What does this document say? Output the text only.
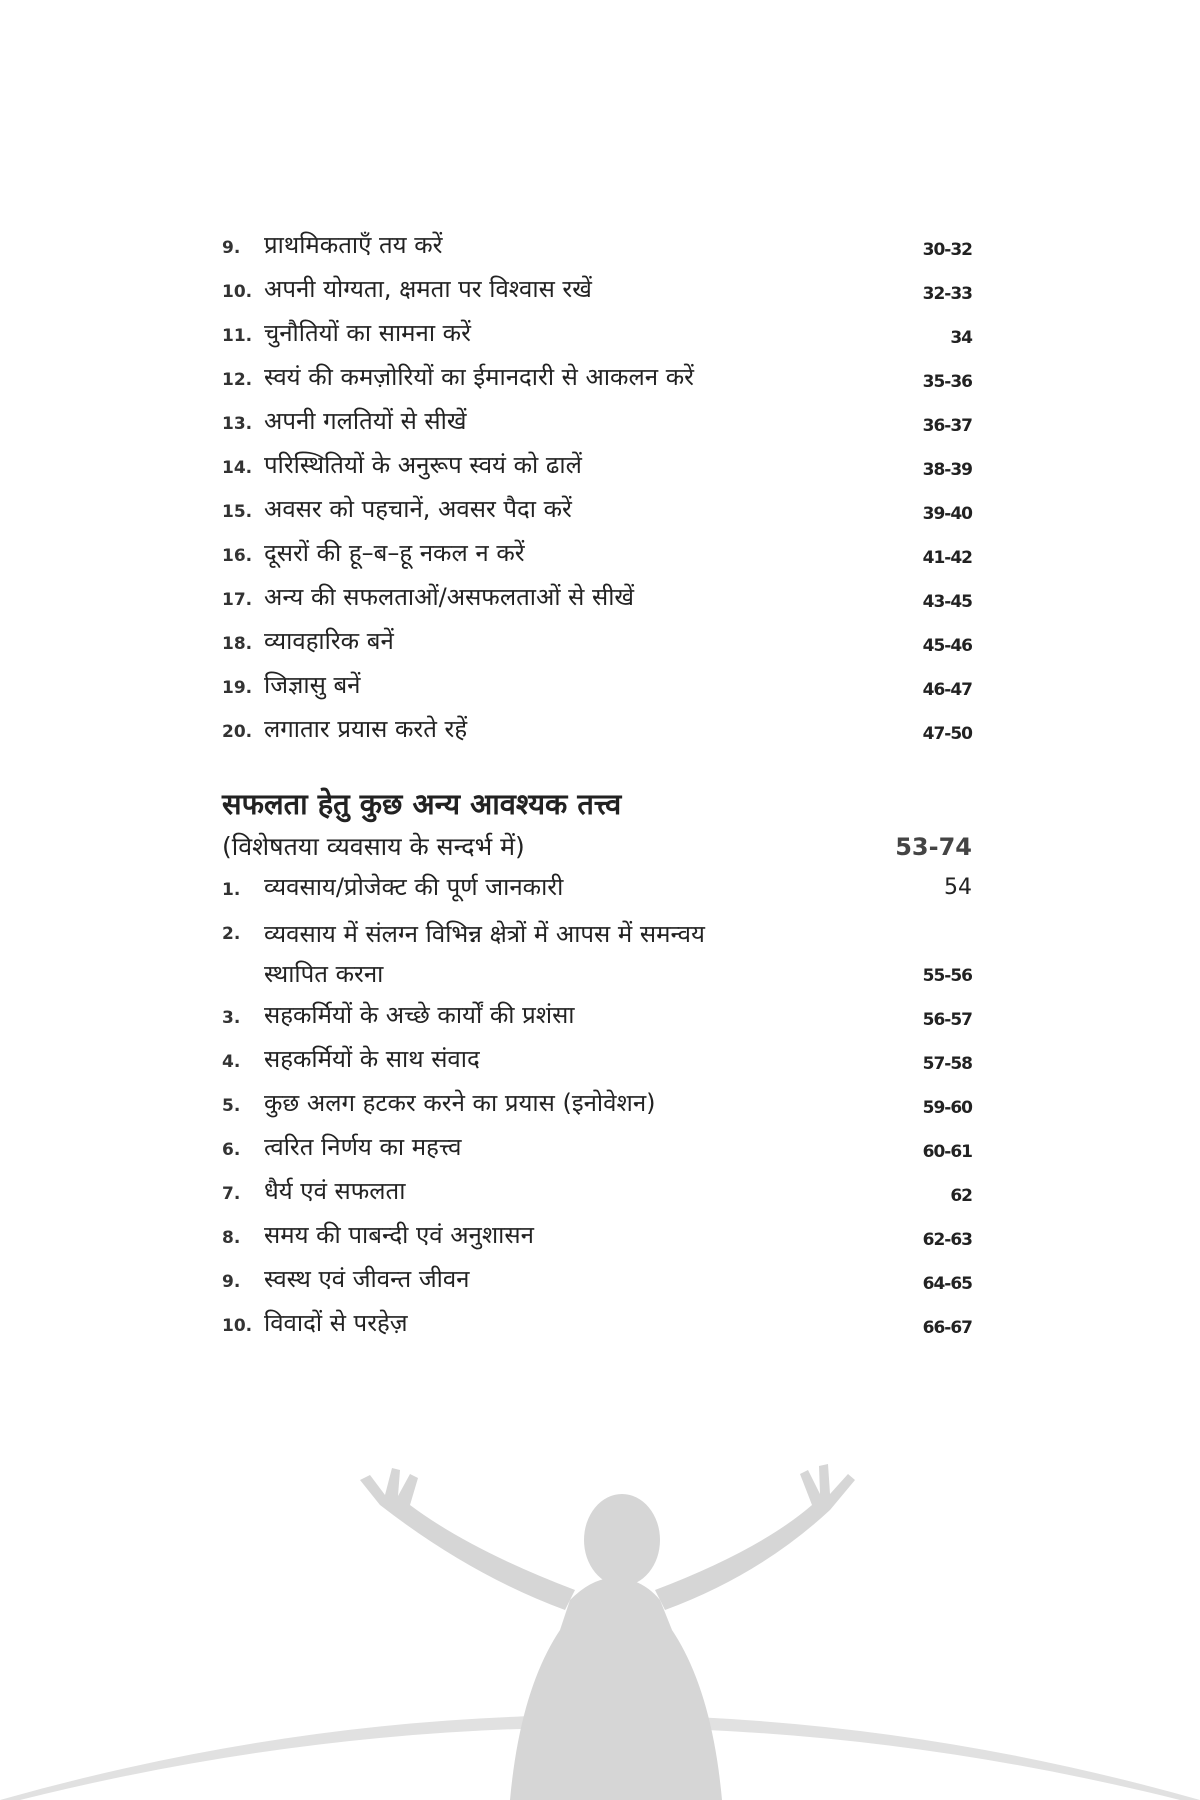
9. प्राथमिकताएँ तय करें	30-32
10. अपनी योग्यता, क्षमता पर विश्वास रखें	32-33
11. चुनौतियों का सामना करें	34
12. स्वयं की कमज़ोरियों का ईमानदारी से आकलन करें	35-36
13. अपनी गलतियों से सीखें	36-37
14. परिस्थितियों के अनुरूप स्वयं को ढालें	38-39
15. अवसर को पहचानें, अवसर पैदा करें	39-40
16. दूसरों की हू–ब–हू नकल न करें	41-42
17. अन्य की सफलताओं/असफलताओं से सीखें	43-45
18. व्यावहारिक बनें	45-46
19. जिज्ञासु बनें	46-47
20. लगातार प्रयास करते रहें	47-50
सफलता हेतु कुछ अन्य आवश्यक तत्त्व
(विशेषतया व्यवसाय के सन्दर्भ में)	53-74
1. व्यवसाय/प्रोजेक्ट की पूर्ण जानकारी	54
2. व्यवसाय में संलग्न विभिन्न क्षेत्रों में आपस में समन्वय
स्थापित करना	55-56
3. सहकर्मियों के अच्छे कार्यों की प्रशंसा	56-57
4. सहकर्मियों के साथ संवाद	57-58
5. कुछ अलग हटकर करने का प्रयास (इनोवेशन)	59-60
6. त्वरित निर्णय का महत्त्व	60-61
7. धैर्य एवं सफलता	62
8. समय की पाबन्दी एवं अनुशासन	62-63
9. स्वस्थ एवं जीवन्त जीवन	64-65
10. विवादों से परहेज़	66-67
